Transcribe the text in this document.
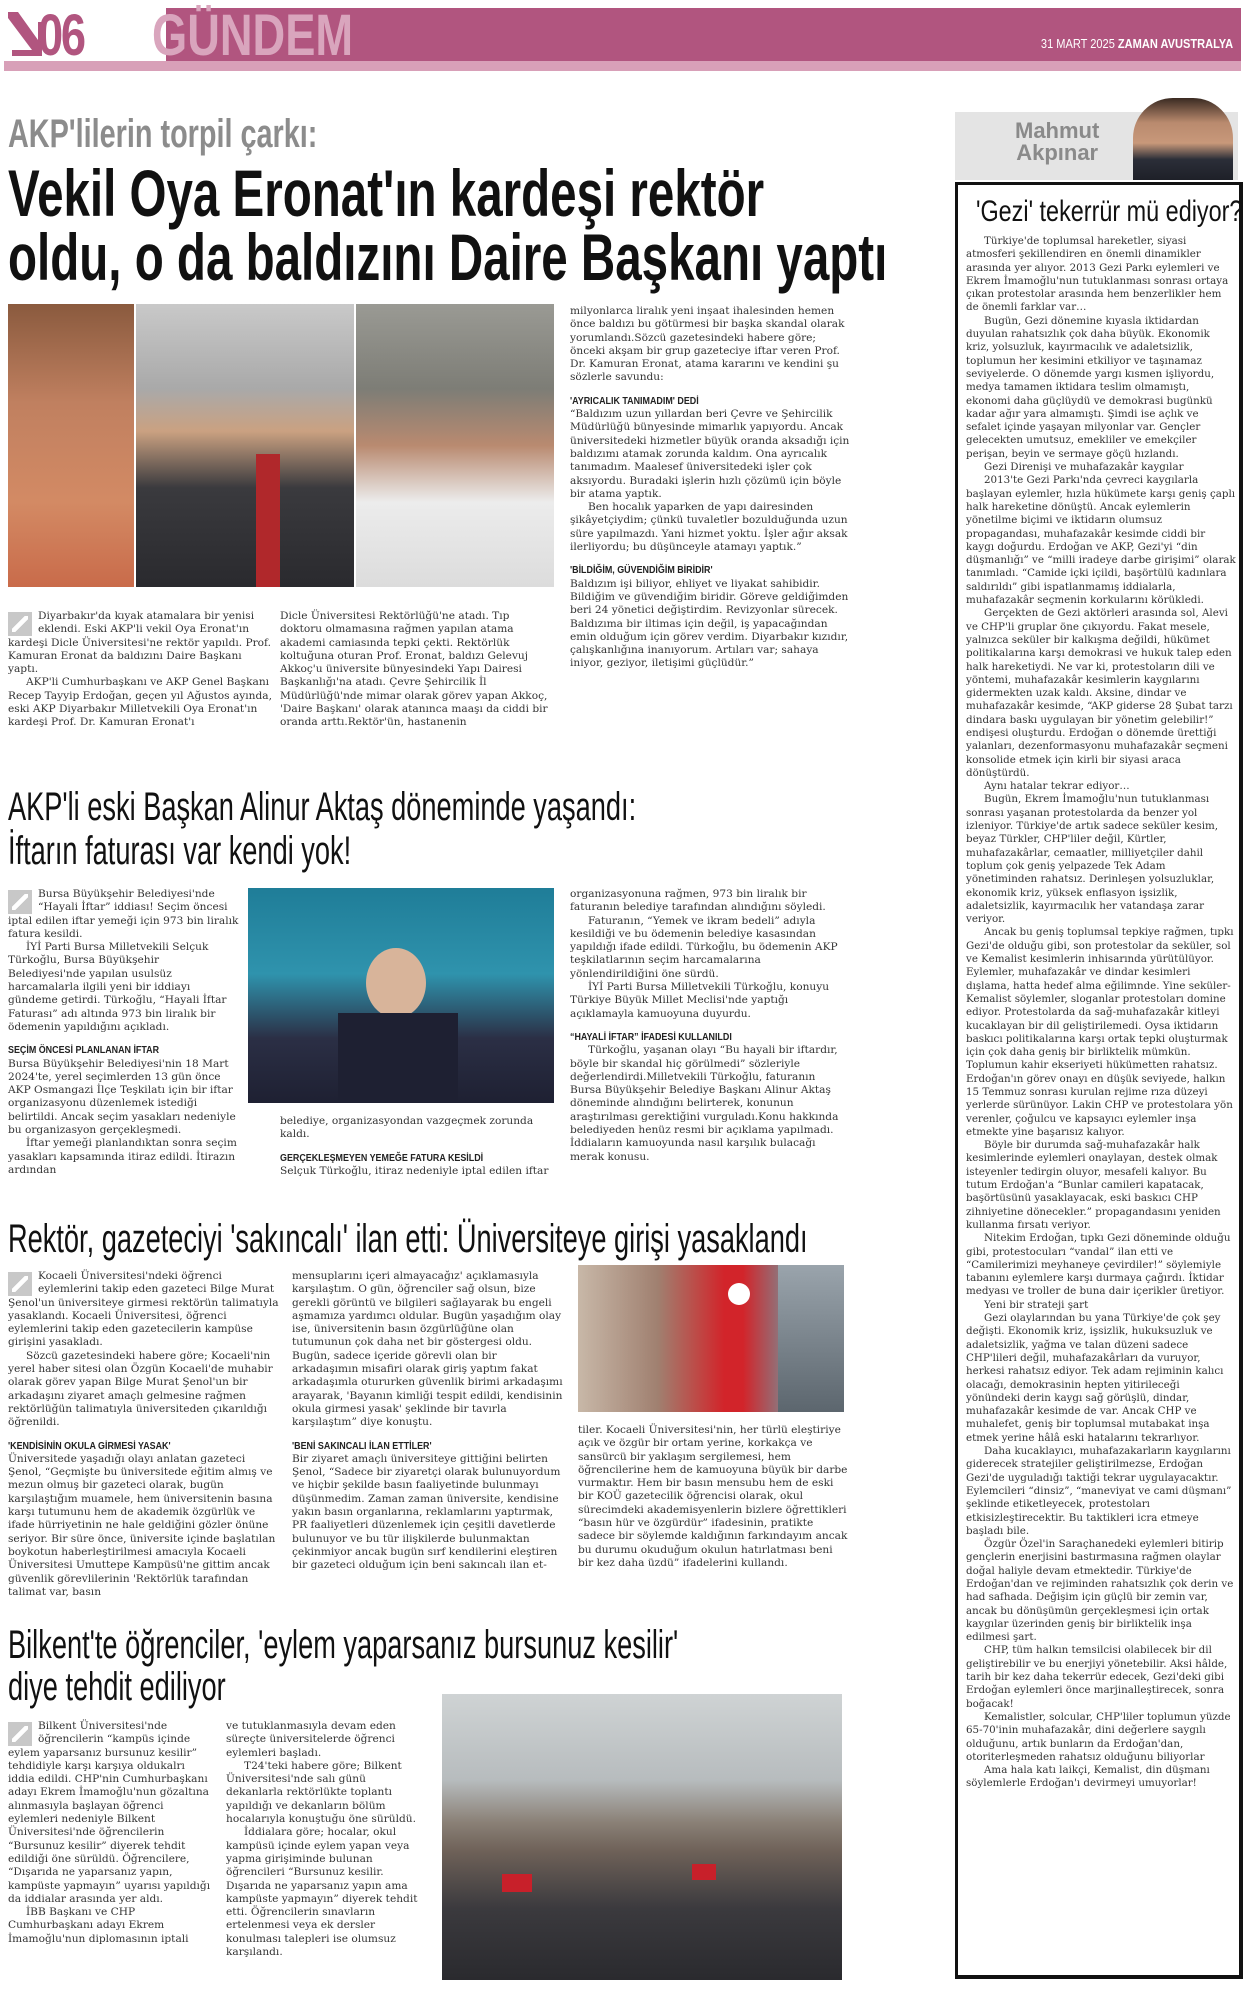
06 GÜNDEM	31 MART 2025 ZAMAN AVUSTRALYA
AKP'lilerin torpil çarkı:
Vekil Oya Eronat'ın kardeşi rektör
oldu, o da baldızını Daire Başkanı yaptı

Diyarbakır'da kıyak atamalara bir yenisi eklendi. Eski AKP'li vekil Oya Eronat'ın kardeşi Dicle Üniversitesi'ne rektör yapıldı. Prof. Kamuran Eronat da baldızını Daire Başkanı yaptı.

AKP'li Cumhurbaşkanı ve AKP Genel Başkanı Recep Tayyip Erdoğan, geçen yıl Ağustos ayında, eski AKP Diyarbakır Milletvekili Oya Eronat'ın kardeşi Prof. Dr. Kamuran Eronat'ı

Dicle Üniversitesi Rektörlüğü'ne atadı. Tıp doktoru olmamasına rağmen yapılan atama akademi camiasında tepki çekti. Rektörlük koltuğuna oturan Prof. Eronat, baldızı Gelevuj Akkoç'u üniversite bünyesindeki Yapı Dairesi Başkanlığı'na atadı. Çevre Şehircilik İl Müdürlüğü'nde mimar olarak görev yapan Akkoç, 'Daire Başkanı' olarak atanınca maaşı da ciddi bir oranda arttı.Rektör'ün, hastanenin

milyonlarca liralık yeni inşaat ihalesinden hemen önce baldızı bu götürmesi bir başka skandal olarak yorumlandı.Sözcü gazetesindeki habere göre; önceki akşam bir grup gazeteciye iftar veren Prof. Dr. Kamuran Eronat, atama kararını ve kendini şu sözlerle savundu:

'AYRICALIK TANIMADIM' DEDİ

“Baldızım uzun yıllardan beri Çevre ve Şehircilik Müdürlüğü bünyesinde mimarlık yapıyordu. Ancak üniversitedeki hizmetler büyük oranda aksadığı için baldızımı atamak zorunda kaldım. Ona ayrıcalık tanımadım. Maalesef üniversitedeki işler çok aksıyordu. Buradaki işlerin hızlı çözümü için böyle bir atama yaptık.

Ben hocalık yaparken de yapı dairesinden şikâyetçiydim; çünkü tuvaletler bozulduğunda uzun süre yapılmazdı. Yani hizmet yoktu. İşler ağır aksak ilerliyordu; bu düşünceyle atamayı yaptık.”

'BİLDİĞİM, GÜVENDİĞİM BİRİDİR'

Baldızım işi biliyor, ehliyet ve liyakat sahibidir. Bildiğim ve güvendiğim biridir. Göreve geldiğimden beri 24 yönetici değiştirdim. Revizyonlar sürecek. Baldızıma bir iltimas için değil, iş yapacağından emin olduğum için görev verdim. Diyarbakır kızıdır, çalışkanlığına inanıyorum. Artıları var; sahaya iniyor, geziyor, iletişimi güçlüdür.”

AKP'li eski Başkan Alinur Aktaş döneminde yaşandı:
İftarın faturası var kendi yok!

Bursa Büyükşehir Belediyesi'nde “Hayali İftar” iddiası! Seçim öncesi iptal edilen iftar yemeği için 973 bin liralık fatura kesildi.

İYİ Parti Bursa Milletvekili Selçuk Türkoğlu, Bursa Büyükşehir Belediyesi'nde yapılan usulsüz harcamalarla ilgili yeni bir iddiayı gündeme getirdi. Türkoğlu, “Hayali İftar Faturası” adı altında 973 bin liralık bir ödemenin yapıldığını açıkladı.

SEÇİM ÖNCESİ PLANLANAN İFTAR

Bursa Büyükşehir Belediyesi'nin 18 Mart 2024'te, yerel seçimlerden 13 gün önce AKP Osmangazi İlçe Teşkilatı için bir iftar organizasyonu düzenlemek istediği belirtildi. Ancak seçim yasakları nedeniyle bu organizasyon gerçekleşmedi.

İftar yemeği planlandıktan sonra seçim yasakları kapsamında itiraz edildi. İtirazın ardından

belediye, organizasyondan vazgeçmek zorunda kaldı.

GERÇEKLEŞMEYEN YEMEĞE FATURA KESİLDİ

Selçuk Türkoğlu, itiraz nedeniyle iptal edilen iftar

organizasyonuna rağmen, 973 bin liralık bir faturanın belediye tarafından alındığını söyledi.

Faturanın, “Yemek ve ikram bedeli” adıyla kesildiği ve bu ödemenin belediye kasasından yapıldığı ifade edildi. Türkoğlu, bu ödemenin AKP teşkilatlarının seçim harcamalarına yönlendirildiğini öne sürdü.

İYİ Parti Bursa Milletvekili Türkoğlu, konuyu Türkiye Büyük Millet Meclisi'nde yaptığı açıklamayla kamuoyuna duyurdu.

“HAYALİ İFTAR” İFADESİ KULLANILDI

Türkoğlu, yaşanan olayı “Bu hayali bir iftardır, böyle bir skandal hiç görülmedi” sözleriyle değerlendirdi.Milletvekili Türkoğlu, faturanın Bursa Büyükşehir Belediye Başkanı Alinur Aktaş döneminde alındığını belirterek, konunun araştırılması gerektiğini vurguladı.Konu hakkında belediyeden henüz resmi bir açıklama yapılmadı. İddiaların kamuoyunda nasıl karşılık bulacağı merak konusu.

Rektör, gazeteciyi 'sakıncalı' ilan etti: Üniversiteye girişi yasaklandı

Kocaeli Üniversitesi'ndeki öğrenci eylemlerini takip eden gazeteci Bilge Murat Şenol'un üniversiteye girmesi rektörün talimatıyla yasaklandı. Kocaeli Üniversitesi, öğrenci eylemlerini takip eden gazetecilerin kampüse girişini yasakladı.

Sözcü gazetesindeki habere göre; Kocaeli'nin yerel haber sitesi olan Özgün Kocaeli'de muhabir olarak görev yapan Bilge Murat Şenol'un bir arkadaşını ziyaret amaçlı gelmesine rağmen rektörlüğün talimatıyla üniversiteden çıkarıldığı öğrenildi.

'KENDİSİNİN OKULA GİRMESİ YASAK'

Üniversitede yaşadığı olayı anlatan gazeteci Şenol, “Geçmişte bu üniversitede eğitim almış ve mezun olmuş bir gazeteci olarak, bugün karşılaştığım muamele, hem üniversitenin basına karşı tutumunu hem de akademik özgürlük ve ifade hürriyetinin ne hale geldiğini gözler önüne seriyor. Bir süre önce, üniversite içinde başlatılan boykotun haberleştirilmesi amacıyla Kocaeli Üniversitesi Umuttepe Kampüsü'ne gittim ancak güvenlik görevlilerinin 'Rektörlük tarafından talimat var, basın

mensuplarını içeri almayacağız' açıklamasıyla karşılaştım. O gün, öğrenciler sağ olsun, bize gerekli görüntü ve bilgileri sağlayarak bu engeli aşmamıza yardımcı oldular. Bugün yaşadığım olay ise, üniversitenin basın özgürlüğüne olan tutumunun çok daha net bir göstergesi oldu. Bugün, sadece içeride görevli olan bir arkadaşımın misafiri olarak giriş yaptım fakat arkadaşımla otururken güvenlik birimi arkadaşımı arayarak, 'Bayanın kimliği tespit edildi, kendisinin okula girmesi yasak' şeklinde bir tavırla karşılaştım” diye konuştu.

'BENİ SAKINCALI İLAN ETTİLER'

Bir ziyaret amaçlı üniversiteye gittiğini belirten Şenol, “Sadece bir ziyaretçi olarak bulunuyordum ve hiçbir şekilde basın faaliyetinde bulunmayı düşünmedim. Zaman zaman üniversite, kendisine yakın basın organlarına, reklamlarını yaptırmak, PR faaliyetleri düzenlemek için çeşitli davetlerde bulunuyor ve bu tür ilişkilerde bulunmaktan çekinmiyor ancak bugün sırf kendilerini eleştiren bir gazeteci olduğum için beni sakıncalı ilan et-

tiler. Kocaeli Üniversitesi'nin, her türlü eleştiriye açık ve özgür bir ortam yerine, korkakça ve sansürcü bir yaklaşım sergilemesi, hem öğrencilerine hem de kamuoyuna büyük bir darbe vurmaktır. Hem bir basın mensubu hem de eski bir KOÜ gazetecilik öğrencisi olarak, okul sürecimdeki akademisyenlerin bizlere öğrettikleri “basın hür ve özgürdür” ifadesinin, pratikte sadece bir söylemde kaldığının farkındayım ancak bu durumu okuduğum okulun hatırlatması beni bir kez daha üzdü” ifadelerini kullandı.

Bilkent'te öğrenciler, 'eylem yaparsanız bursunuz kesilir'
diye tehdit ediliyor

Bilkent Üniversitesi'nde öğrencilerin “kampüs içinde eylem yaparsanız bursunuz kesilir” tehdidiyle karşı karşıya oldukalrı iddia edildi. CHP'nin Cumhurbaşkanı adayı Ekrem İmamoğlu'nun gözaltına alınmasıyla başlayan öğrenci eylemleri nedeniyle Bilkent Üniversitesi'nde öğrencilerin “Bursunuz kesilir” diyerek tehdit edildiği öne sürüldü. Öğrencilere, “Dışarıda ne yaparsanız yapın, kampüste yapmayın” uyarısı yapıldığı da iddialar arasında yer aldı.

İBB Başkanı ve CHP Cumhurbaşkanı adayı Ekrem İmamoğlu'nun diplomasının iptali

ve tutuklanmasıyla devam eden süreçte üniversitelerde öğrenci eylemleri başladı.

T24'teki habere göre; Bilkent Üniversitesi'nde salı günü dekanlarla rektörlükte toplantı yapıldığı ve dekanların bölüm hocalarıyla konuştuğu öne sürüldü.

İddialara göre; hocalar, okul kampüsü içinde eylem yapan veya yapma girişiminde bulunan öğrencileri “Bursunuz kesilir. Dışarıda ne yaparsanız yapın ama kampüste yapmayın” diyerek tehdit etti. Öğrencilerin sınavların ertelenmesi veya ek dersler konulması talepleri ise olumsuz karşılandı.

Mahmut
Akpınar
'Gezi' tekerrür mü ediyor?

Türkiye'de toplumsal hareketler, siyasi atmosferi şekillendiren en önemli dinamikler arasında yer alıyor. 2013 Gezi Parkı eylemleri ve Ekrem İmamoğlu'nun tutuklanması sonrası ortaya çıkan protestolar arasında hem benzerlikler hem de önemli farklar var…

Bugün, Gezi dönemine kıyasla iktidardan duyulan rahatsızlık çok daha büyük. Ekonomik kriz, yolsuzluk, kayırmacılık ve adaletsizlik, toplumun her kesimini etkiliyor ve taşınamaz seviyelerde. O dönemde yargı kısmen işliyordu, medya tamamen iktidara teslim olmamıştı, ekonomi daha güçlüydü ve demokrasi bugünkü kadar ağır yara almamıştı. Şimdi ise açlık ve sefalet içinde yaşayan milyonlar var. Gençler gelecekten umutsuz, emekliler ve emekçiler perişan, beyin ve sermaye göçü hızlandı.

Gezi Direnişi ve muhafazakâr kaygılar

2013'te Gezi Parkı'nda çevreci kaygılarla başlayan eylemler, hızla hükümete karşı geniş çaplı halk hareketine dönüştü. Ancak eylemlerin yönetilme biçimi ve iktidarın olumsuz propagandası, muhafazakâr kesimde ciddi bir kaygı doğurdu. Erdoğan ve AKP, Gezi'yi “din düşmanlığı” ve “milli iradeye darbe girişimi” olarak tanımladı. “Camide içki içildi, başörtülü kadınlara saldırıldı” gibi ispatlanmamış iddialarla, muhafazakâr seçmenin korkularını körükledi.

Gerçekten de Gezi aktörleri arasında sol, Alevi ve CHP'li gruplar öne çıkıyordu. Fakat mesele, yalnızca seküler bir kalkışma değildi, hükümet politikalarına karşı demokrasi ve hukuk talep eden halk hareketiydi. Ne var ki, protestoların dili ve yöntemi, muhafazakâr kesimlerin kaygılarını gidermekten uzak kaldı. Aksine, dindar ve muhafazakâr kesimde, “AKP giderse 28 Şubat tarzı dindara baskı uygulayan bir yönetim gelebilir!” endişesi oluşturdu. Erdoğan o dönemde ürettiği yalanları, dezenformasyonu muhafazakâr seçmeni konsolide etmek için kirli bir siyasi araca dönüştürdü.

Aynı hatalar tekrar ediyor…

Bugün, Ekrem İmamoğlu'nun tutuklanması sonrası yaşanan protestolarda da benzer yol izleniyor. Türkiye'de artık sadece seküler kesim, beyaz Türkler, CHP'liler değil, Kürtler, muhafazakârlar, cemaatler, milliyetçiler dahil toplum çok geniş yelpazede Tek Adam yönetiminden rahatsız. Derinleşen yolsuzluklar, ekonomik kriz, yüksek enflasyon işsizlik, adaletsizlik, kayırmacılık her vatandaşa zarar veriyor.

Ancak bu geniş toplumsal tepkiye rağmen, tıpkı Gezi'de olduğu gibi, son protestolar da seküler, sol ve Kemalist kesimlerin inhisarında yürütülüyor. Eylemler, muhafazakâr ve dindar kesimleri dışlama, hatta hedef alma eğilimnde. Yine seküler-Kemalist söylemler, sloganlar protestoları domine ediyor. Protestolarda da sağ-muhafazakâr kitleyi kucaklayan bir dil geliştirilemedi. Oysa iktidarın baskıcı politikalarına karşı ortak tepki oluşturmak için çok daha geniş bir birliktelik mümkün. Toplumun kahir ekseriyeti hükümetten rahatsız. Erdoğan'ın görev onayı en düşük seviyede, halkın 15 Temmuz sonrası kurulan rejime rıza düzeyi yerlerde sürünüyor. Lakin CHP ve protestolara yön verenler, çoğulcu ve kapsayıcı eylemler inşa etmekte yine başarısız kalıyor.

Böyle bir durumda sağ-muhafazakâr halk kesimlerinde eylemleri onaylayan, destek olmak isteyenler tedirgin oluyor, mesafeli kalıyor. Bu tutum Erdoğan'a “Bunlar camileri kapatacak, başörtüsünü yasaklayacak, eski baskıcı CHP zihniyetine dönecekler.” propagandasını yeniden kullanma fırsatı veriyor.

Nitekim Erdoğan, tıpkı Gezi döneminde olduğu gibi, protestocuları “vandal” ilan etti ve “Camilerimizi meyhaneye çevirdiler!” söylemiyle tabanını eylemlere karşı durmaya çağırdı. İktidar medyası ve troller de buna dair içerikler üretiyor.

Yeni bir strateji şart

Gezi olaylarından bu yana Türkiye'de çok şey değişti. Ekonomik kriz, işsizlik, hukuksuzluk ve adaletsizlik, yağma ve talan düzeni sadece CHP'lileri değil, muhafazakârları da vuruyor, herkesi rahatsız ediyor. Tek adam rejiminin kalıcı olacağı, demokrasinin hepten yitirileceği yönündeki derin kaygı sağ görüşlü, dindar, muhafazakâr kesimde de var. Ancak CHP ve muhalefet, geniş bir toplumsal mutabakat inşa etmek yerine hâlâ eski hatalarını tekrarlıyor.

Daha kucaklayıcı, muhafazakarların kaygılarını giderecek stratejiler geliştirilmezse, Erdoğan Gezi'de uyguladığı taktiği tekrar uygulayacaktır. Eylemcileri “dinsiz”, “maneviyat ve cami düşmanı” şeklinde etiketleyecek, protestoları etkisizleştirecektir. Bu taktikleri icra etmeye başladı bile.

Özgür Özel'in Saraçhanedeki eylemleri bitirip gençlerin enerjisini bastırmasına rağmen olaylar doğal haliyle devam etmektedir. Türkiye'de Erdoğan'dan ve rejiminden rahatsızlık çok derin ve had safhada. Değişim için güçlü bir zemin var, ancak bu dönüşümün gerçekleşmesi için ortak kaygılar üzerinden geniş bir birliktelik inşa edilmesi şart.

CHP, tüm halkın temsilcisi olabilecek bir dil geliştirebilir ve bu enerjiyi yönetebilir. Aksi hâlde, tarih bir kez daha tekerrür edecek, Gezi'deki gibi Erdoğan eylemleri önce marjinalleştirecek, sonra boğacak!

Kemalistler, solcular, CHP'liler toplumun yüzde 65-70'inin muhafazakâr, dini değerlere saygılı olduğunu, artık bunların da Erdoğan'dan, otoriterleşmeden rahatsız olduğunu biliyorlar

Ama hala katı laikçi, Kemalist, din düşmanı söylemlerle Erdoğan'ı devirmeyi umuyorlar!
